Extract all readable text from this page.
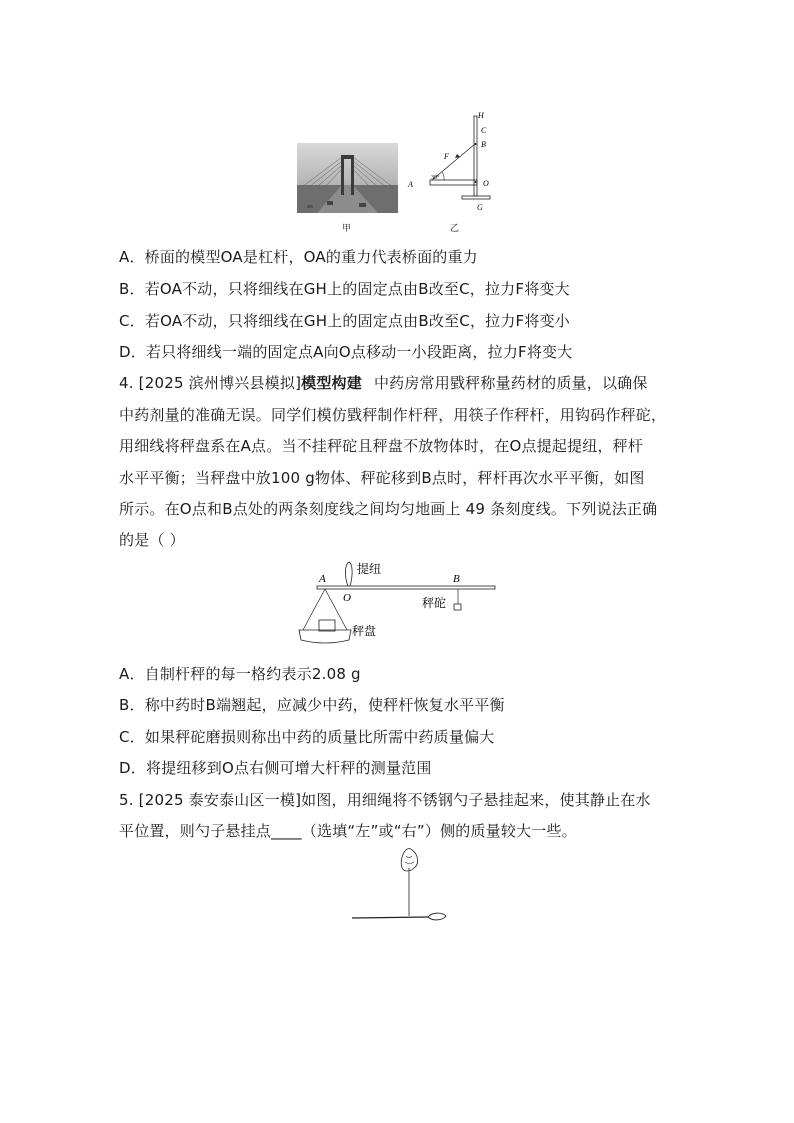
甲
H
C
B
F
A
30°
O
G
乙
A．桥面的模型OA是杠杆，OA的重力代表桥面的重力
B．若OA不动，只将细线在GH上的固定点由B改至C，拉力F将变大
C．若OA不动，只将细线在GH上的固定点由B改至C，拉力F将变小
D．若只将细线一端的固定点A向O点移动一小段距离，拉力F将变大
4. [2025 滨州博兴县模拟]模型构建 中药房常用戥秤称量药材的质量，以确保
中药剂量的准确无误。同学们模仿戥秤制作杆秤，用筷子作秤杆，用钩码作秤砣，
用细线将秤盘系在A点。当不挂秤砣且秤盘不放物体时，在O点提起提纽，秤杆
水平平衡；当秤盘中放100 g物体、秤砣移到B点时，秤杆再次水平平衡，如图
所示。在O点和B点处的两条刻度线之间均匀地画上 49 条刻度线。下列说法正确
的是（ ）
A
O
B
提纽
秤砣
秤盘
A．自制杆秤的每一格约表示2.08 g
B．称中药时B端翘起，应减少中药，使秤杆恢复水平平衡
C．如果秤砣磨损则称出中药的质量比所需中药质量偏大
D．将提纽移到O点右侧可增大杆秤的测量范围
5. [2025 泰安泰山区一模]如图，用细绳将不锈钢勺子悬挂起来，使其静止在水
平位置，则勺子悬挂点____（选填“左”或“右”）侧的质量较大一些。
